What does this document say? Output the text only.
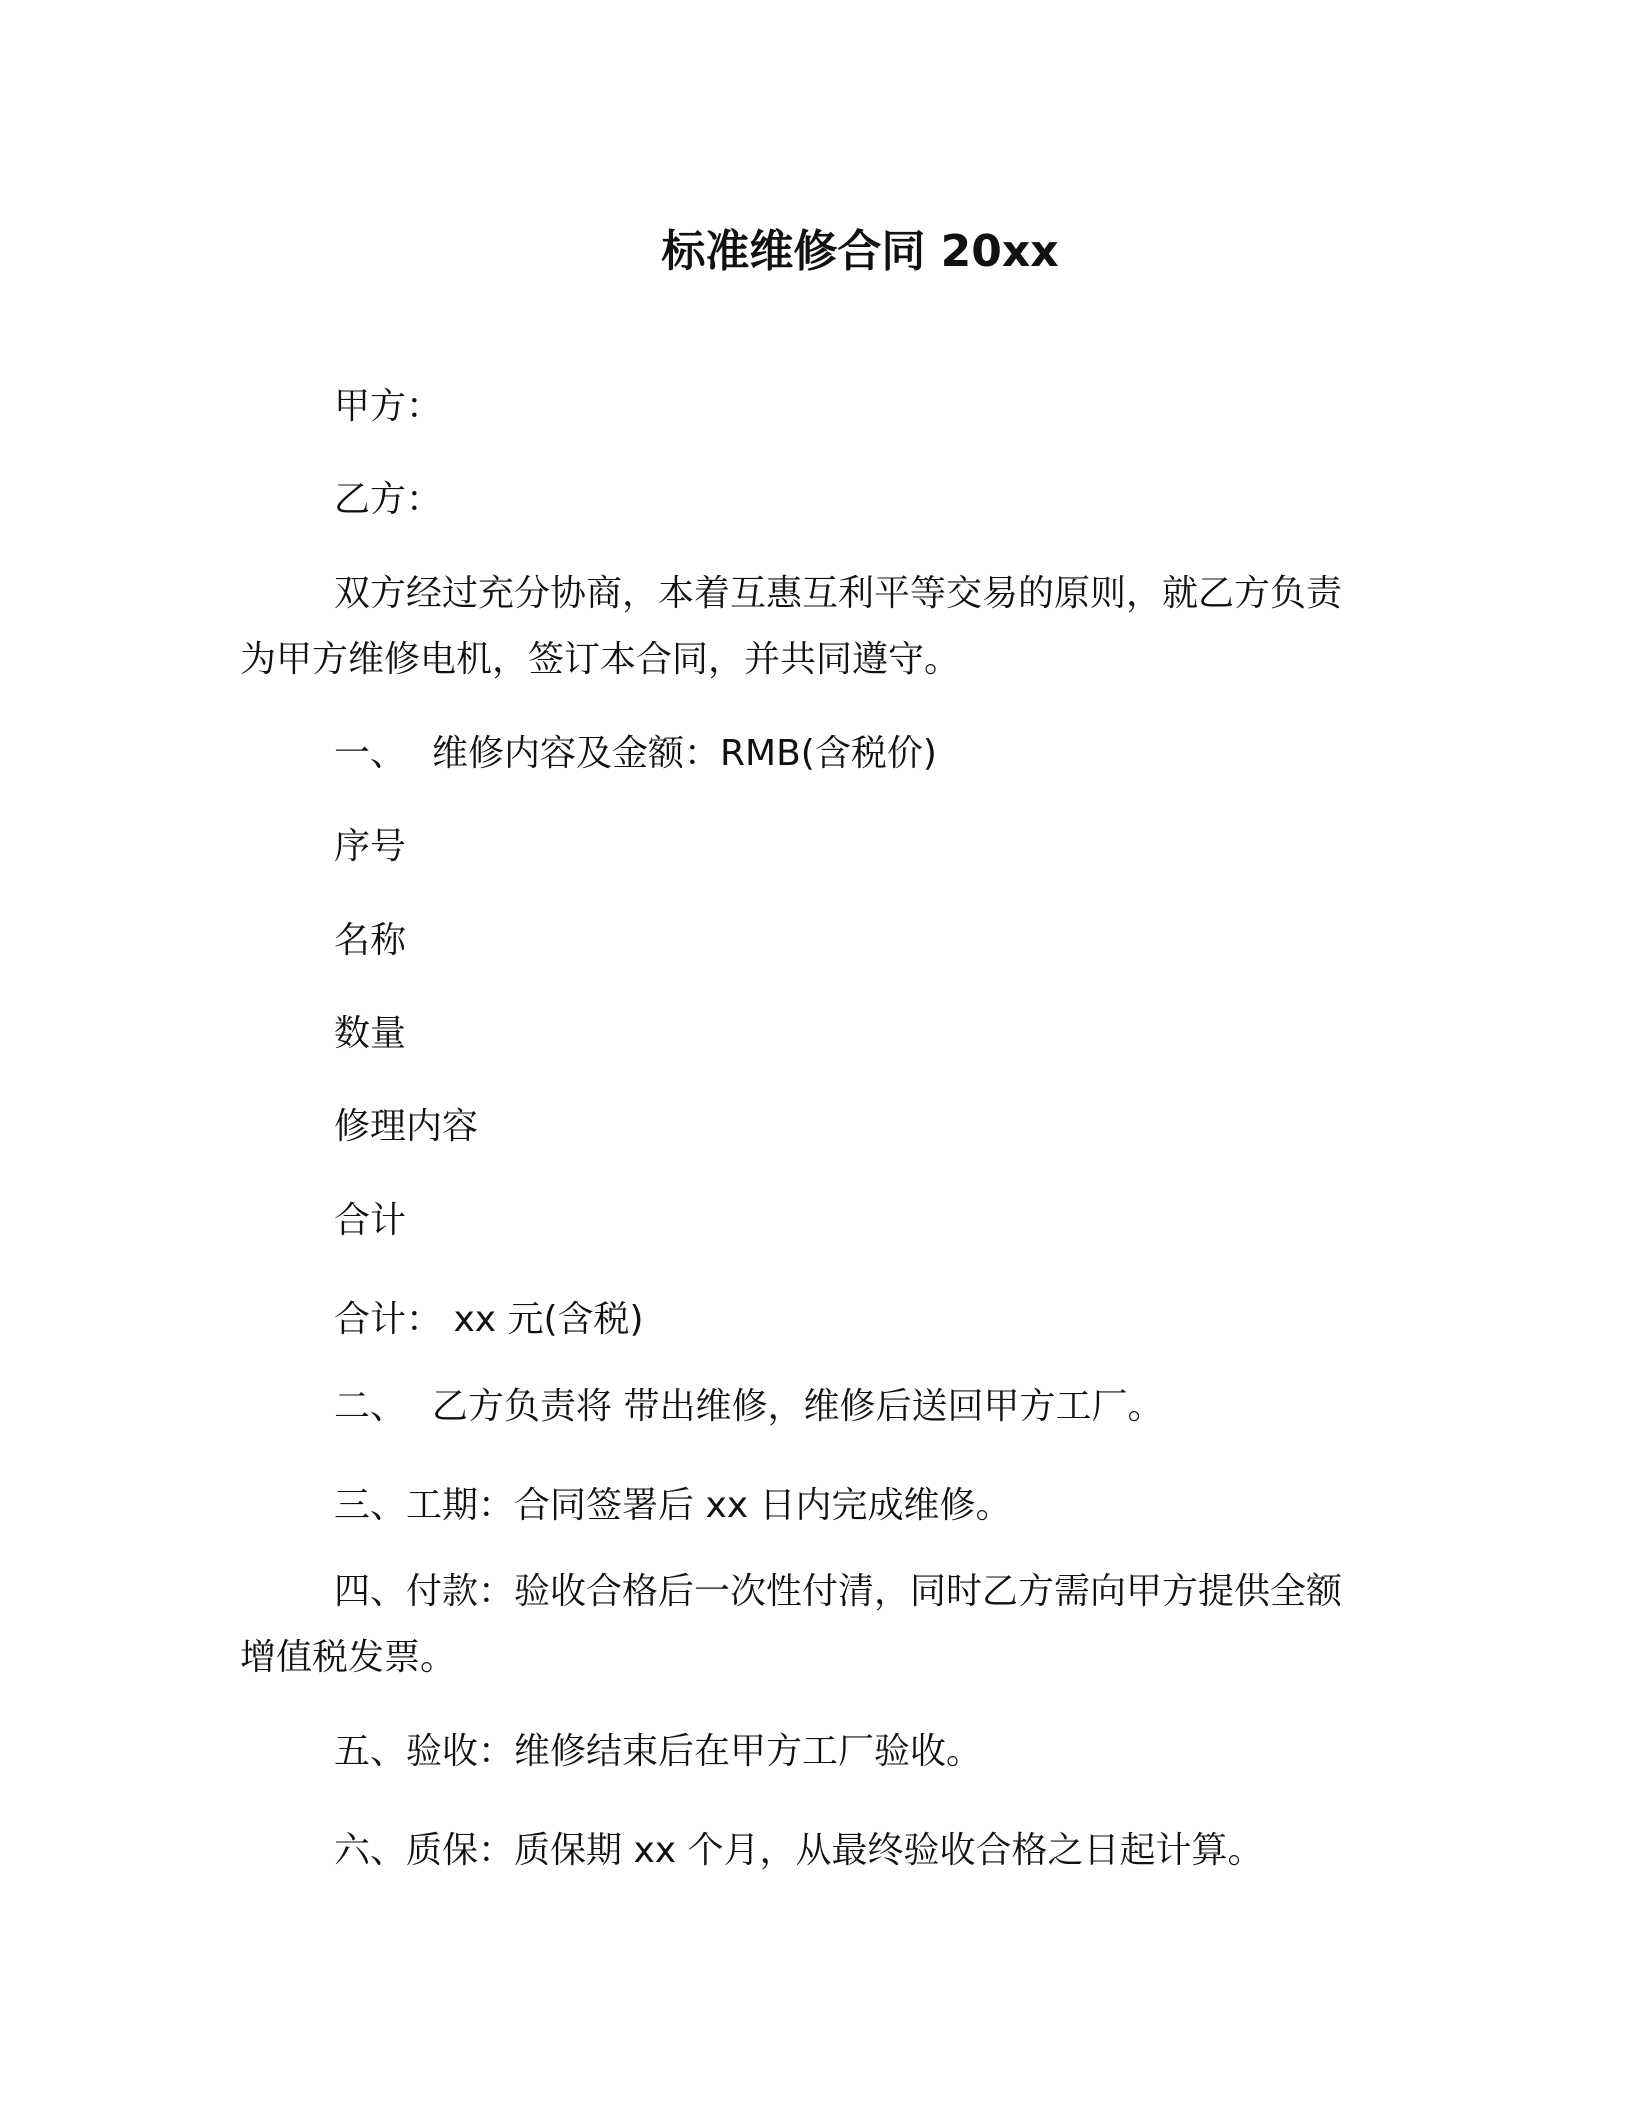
标准维修合同 20xx
甲方：
乙方：
双方经过充分协商，本着互惠互利平等交易的原则，就乙方负责
为甲方维修电机，签订本合同，并共同遵守。
一、 维修内容及金额：RMB(含税价)
序号
名称
数量
修理内容
合计
合计： xx 元(含税)
二、 乙方负责将 带出维修，维修后送回甲方工厂。
三、工期：合同签署后 xx 日内完成维修。
四、付款：验收合格后一次性付清，同时乙方需向甲方提供全额
增值税发票。
五、验收：维修结束后在甲方工厂验收。
六、质保：质保期 xx 个月，从最终验收合格之日起计算。
